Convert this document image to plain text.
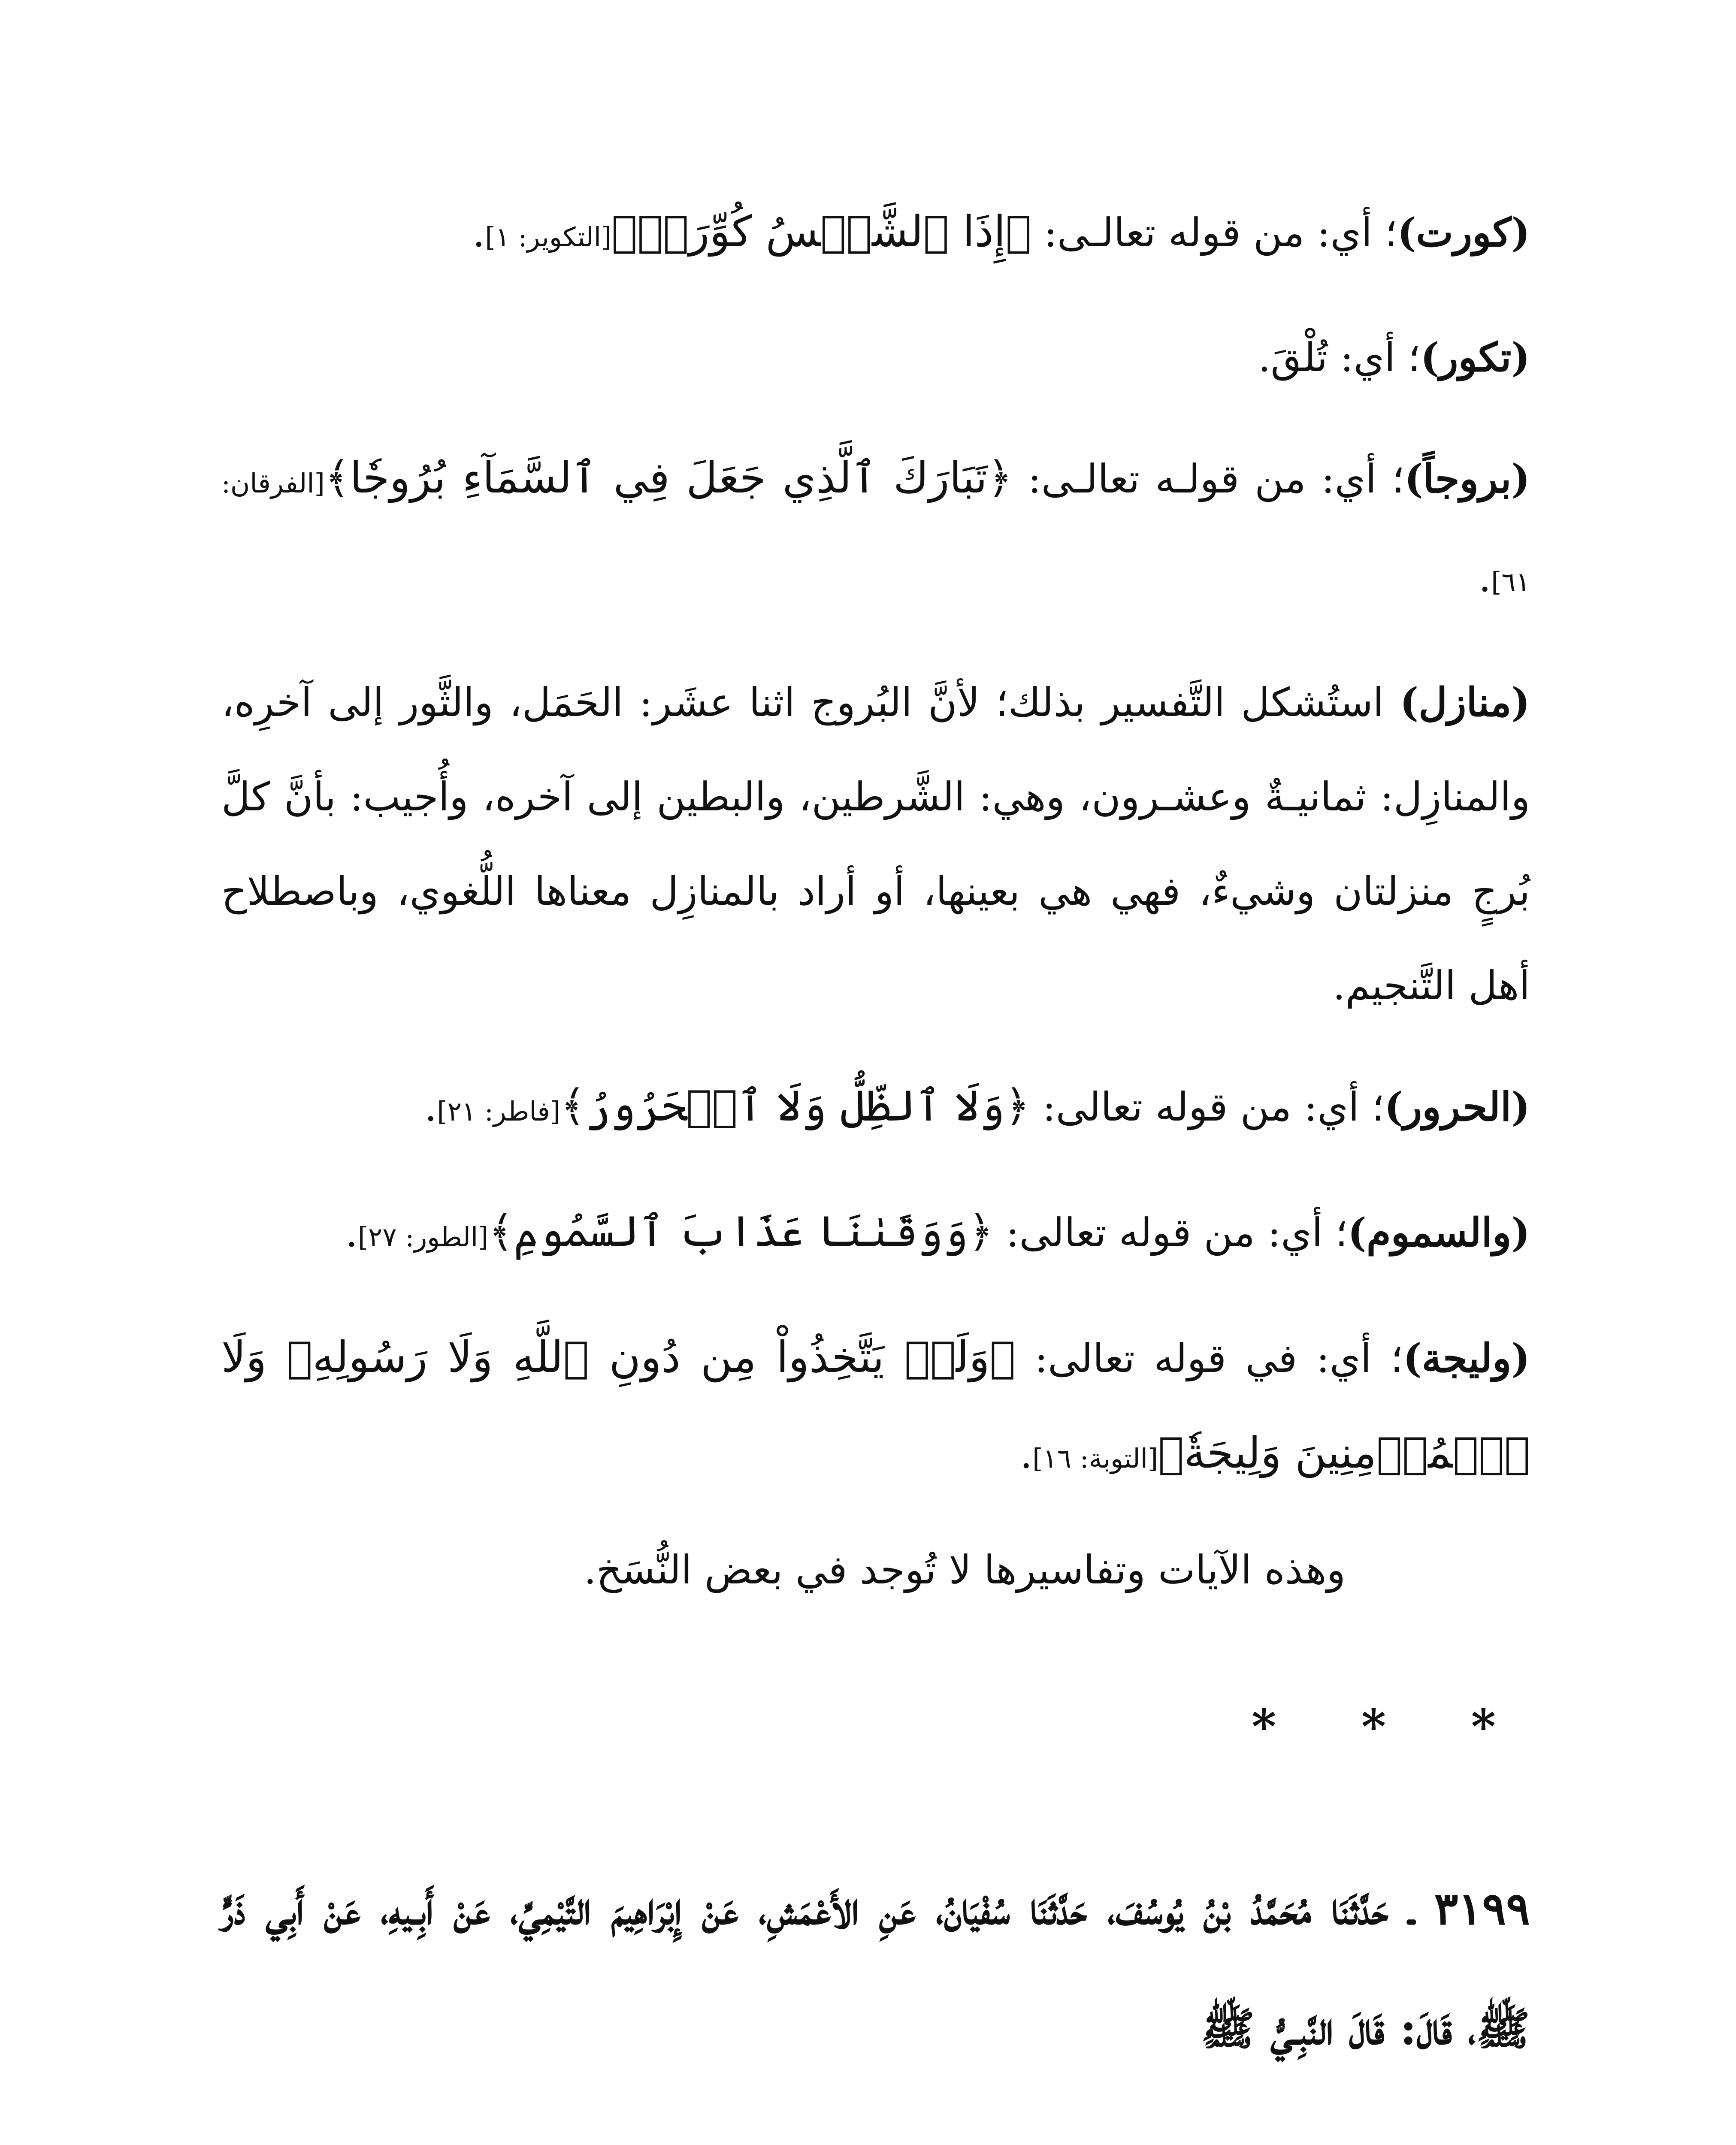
(كورت)؛ أي: من قوله تعالـى: ﴿إِذَا ٱلشَّمۡسُ كُوِّرَتۡ﴾[التكوير: ١].

(تكور)؛ أي: تُلْقَ.

(بروجاً)؛ أي: من قولـه تعالـى: ﴿تَبَارَكَ ٱلَّذِي جَعَلَ فِي ٱلسَّمَآءِ بُرُوجٗا﴾[الفرقان: ٦١].

(منازل) استُشكل التَّفسير بذلك؛ لأنَّ البُروج اثنا عشَر: الحَمَل، والثَّور إلى آخرِه، والمنازِل: ثمانيـةٌ وعشـرون، وهي: الشَّرطين، والبطين إلى آخره، وأُجيب: بأنَّ كلَّ بُرجٍ منزلتان وشيءٌ، فهي هي بعينها، أو أراد بالمنازِل معناها اللُّغوي، وباصطلاح أهل التَّنجيم.

(الحرور)؛ أي: من قوله تعالى: ﴿وَلَا ٱلظِّلُّ وَلَا ٱلۡحَرُورُ﴾[فاطر: ٢١].

(والسموم)؛ أي: من قوله تعالى: ﴿وَوَقَىٰنَا عَذَابَ ٱلسَّمُومِ﴾[الطور: ٢٧].

(وليجة)؛ أي: في قوله تعالى: ﴿وَلَمۡ يَتَّخِذُواْ مِن دُونِ ٱللَّهِ وَلَا رَسُولِهِۦ وَلَا ٱلۡمُؤۡمِنِينَ وَلِيجَةٗ﴾[التوبة: ١٦].

وهذه الآيات وتفاسيرها لا تُوجد في بعض النُّسَخ.

* * *

٣١٩٩ ـ حَدَّثَنَا مُحَمَّدُ بْنُ يُوسُفَ، حَدَّثَنَا سُفْيَانُ، عَنِ الأَعْمَشِ، عَنْ إِبْرَاهِيمَ التَّيْمِيِّ، عَنْ أَبِـيهِ، عَنْ أَبِي ذَرٍّ ﷺ، قَالَ: قَالَ النَّبِـيُّ ﷺ
